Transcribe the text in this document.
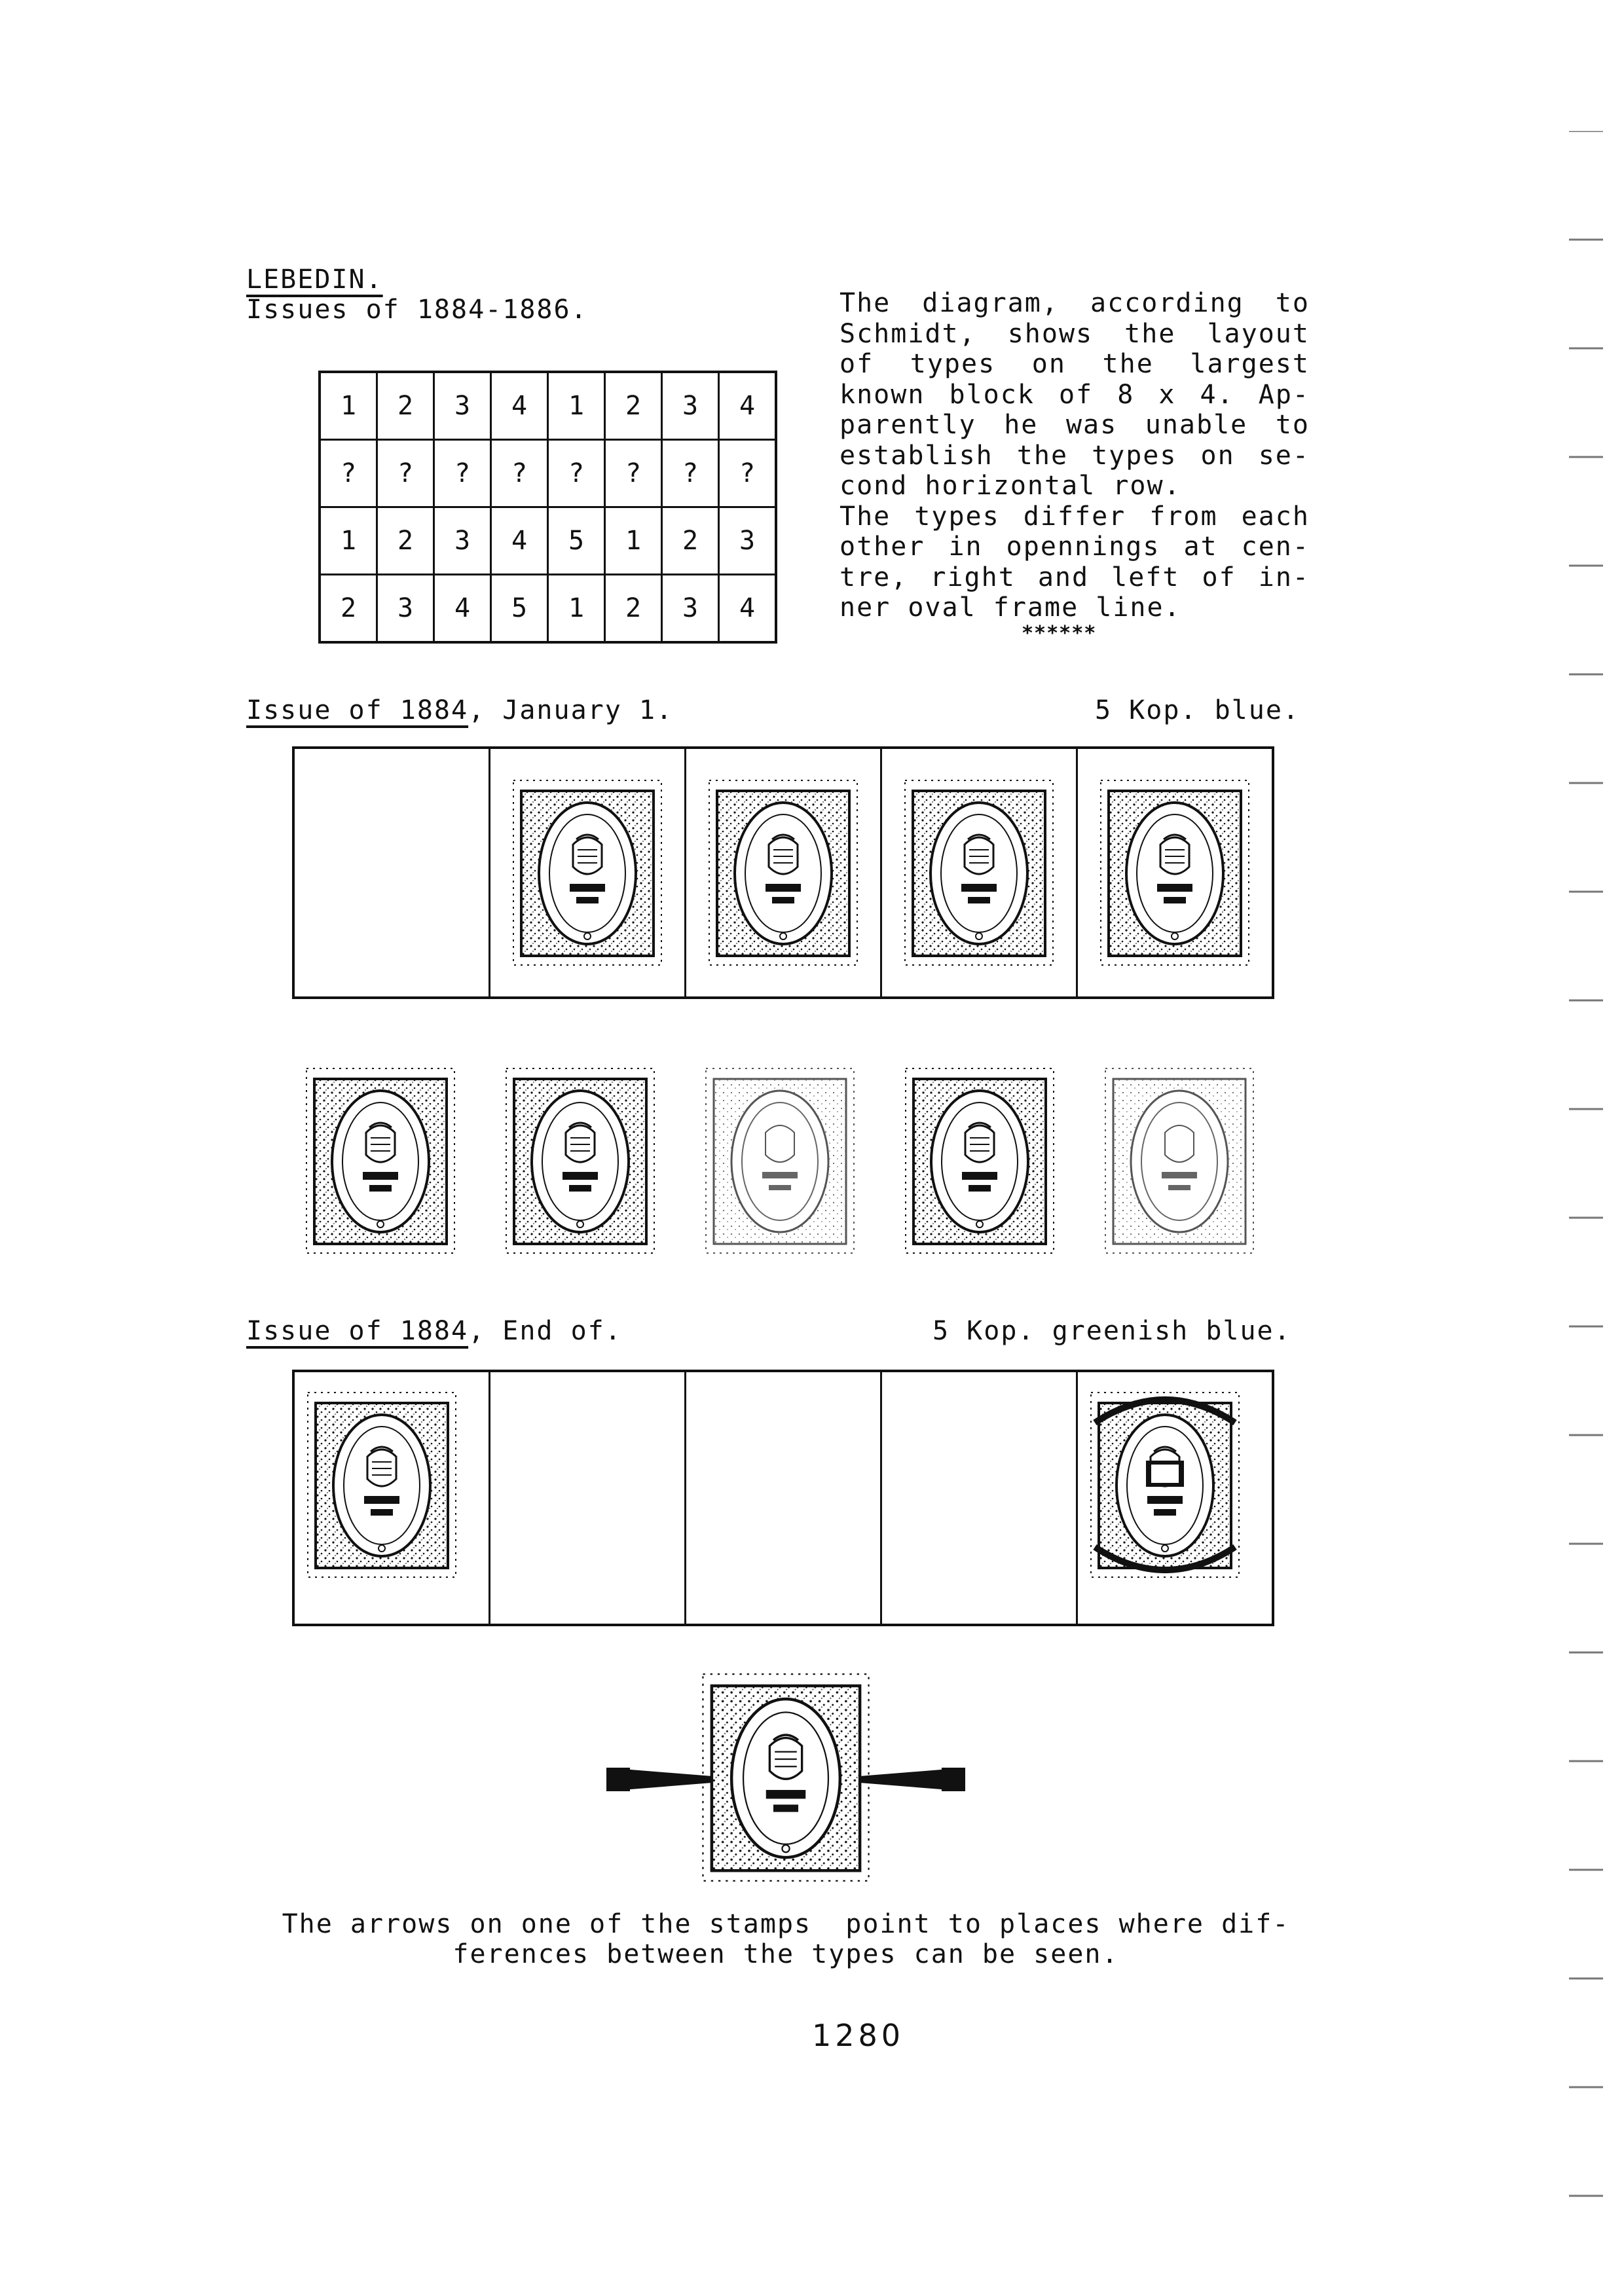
LEBEDIN.
Issues of 1884-1886.
1	2	3	4	1	2	3	4
?	?	?	?	?	?	?	?
1	2	3	4	5	1	2	3
2	3	4	5	1	2	3	4
The diagram, according to
Schmidt, shows the layout
of types on the largest
known block of 8 x 4. Ap-
parently he was unable to
establish the types on se-
cond horizontal row.
The types differ from each
other in opennings at cen-
tre, right and left of in-
ner oval frame line.
******
Issue of 1884, January 1.	5 Kop. blue.
Issue of 1884, End of.	5 Kop. greenish blue.
The arrows on one of the stamps  point to places where dif-
ferences between the types can be seen.
1280
